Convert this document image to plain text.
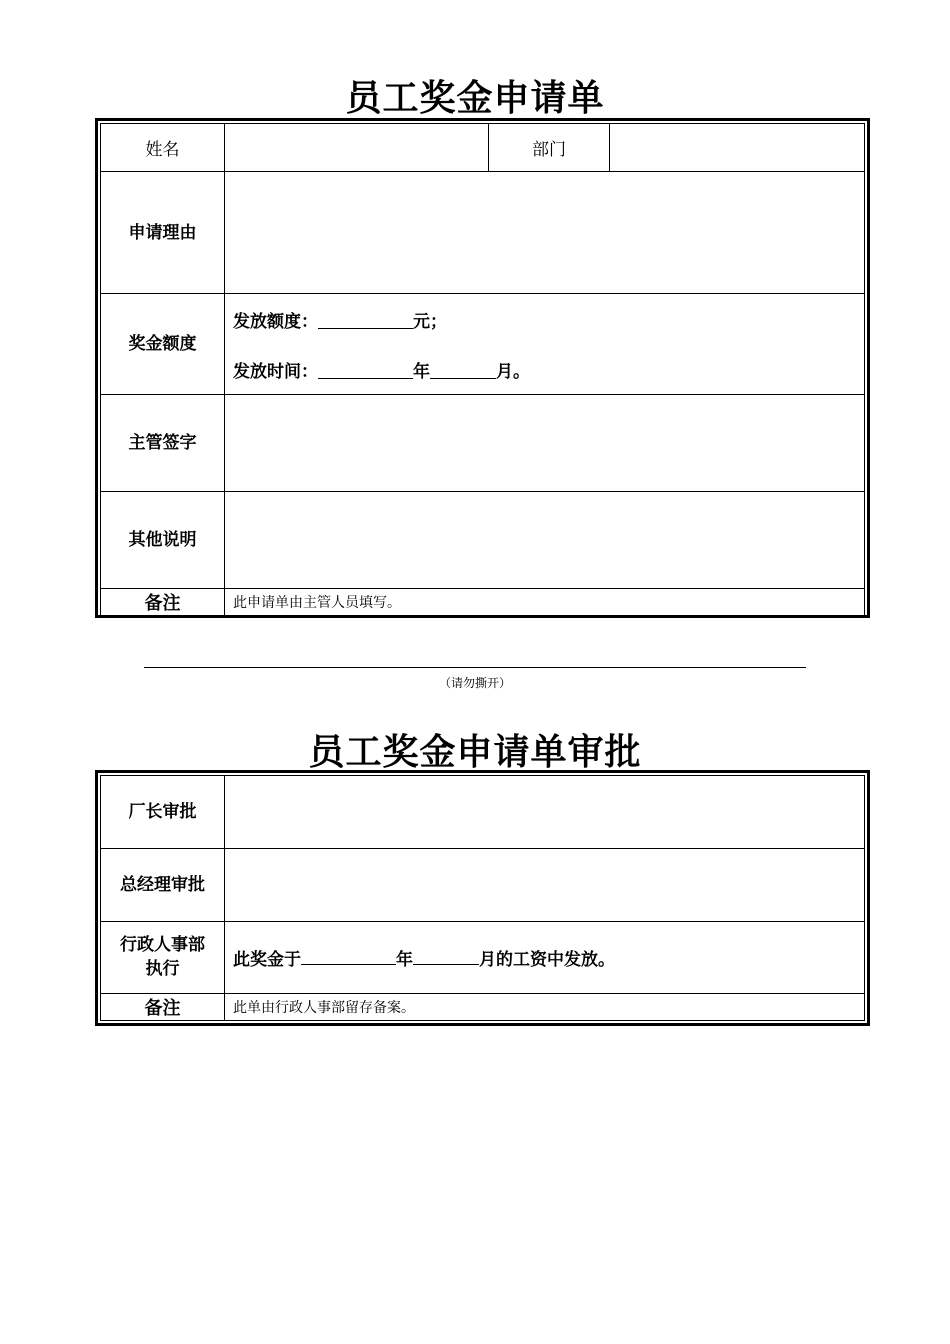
员工奖金申请单
姓名		部门	
申请理由			
奖金额度	发放额度： 元；
发放时间： 年 月。		

主管签字			
其他说明			
备注	此申请单由主管人员填写。		
（请勿撕开）
员工奖金申请单审批
厂长审批	
总经理审批	

行政人事部
执行	此奖金于 年 月的工资中发放。
备注	此单由行政人事部留存备案。
